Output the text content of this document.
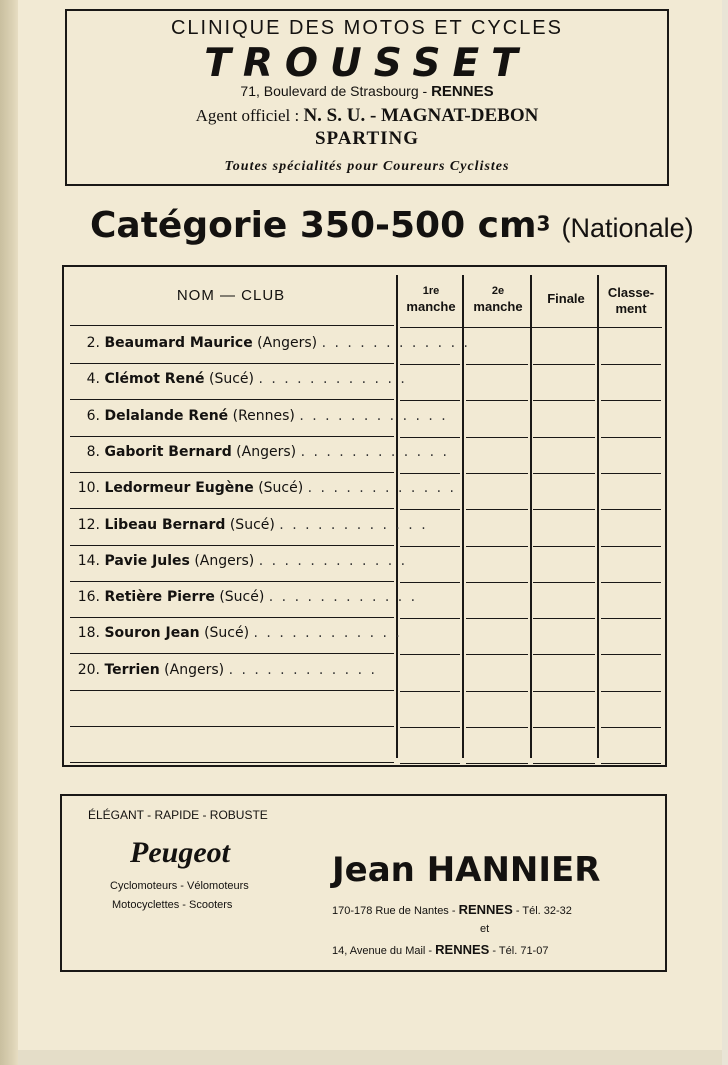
CLINIQUE DES MOTOS ET CYCLES
TROUSSET
71, Boulevard de Strasbourg - RENNES
Agent officiel : N. S. U. - MAGNAT-DEBON
SPARTING
Toutes spécialités pour Coureurs Cyclistes
Catégorie 350-500 $cm^3$ (Nationale)
NOM — CLUB	1re
manche
2e
manche
Finale	Classe-
ment
2. Beaumard Maurice (Angers) . . . . . . . . . . . .
4. Clémot René (Sucé) . . . . . . . . . . . .
6. Delalande René (Rennes) . . . . . . . . . . . .
8. Gaborit Bernard (Angers) . . . . . . . . . . . .
10. Ledormeur Eugène (Sucé) . . . . . . . . . . . .
12. Libeau Bernard (Sucé) . . . . . . . . . . . .
14. Pavie Jules (Angers) . . . . . . . . . . . .
16. Retière Pierre (Sucé) . . . . . . . . . . . .
18. Souron Jean (Sucé) . . . . . . . . . . . .
20. Terrien (Angers) . . . . . . . . . . . .
ÉLÉGANT - RAPIDE - ROBUSTE
Peugeot
Cyclomoteurs - Vélomoteurs
Motocyclettes - Scooters
Jean HANNIER
170-178 Rue de Nantes - RENNES - Tél. 32-32
et
14, Avenue du Mail - RENNES - Tél. 71-07
